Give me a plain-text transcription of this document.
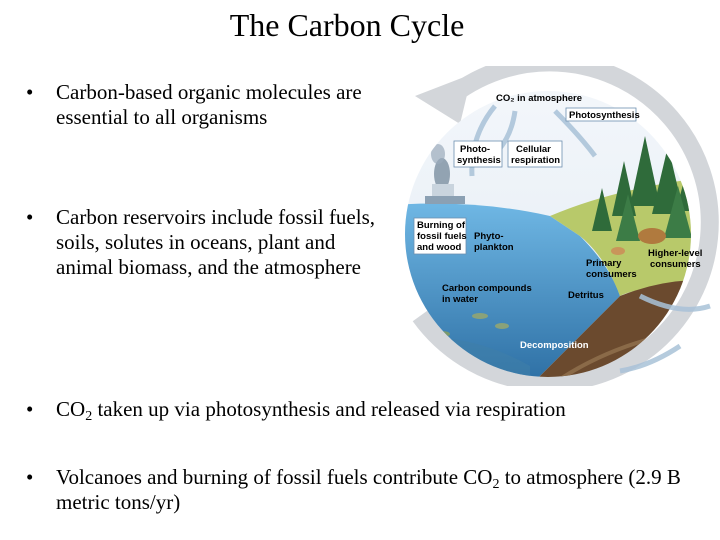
The Carbon Cycle
•	Carbon-based organic molecules are essential to all organisms
•	Carbon reservoirs include fossil fuels, soils, solutes in oceans, plant and animal biomass, and the atmosphere
•	$CO_2$ taken up via photosynthesis and released via respiration
•	Volcanoes and burning of fossil fuels contribute $CO_2$ to atmosphere (2.9 B metric tons/yr)
CO₂ in atmosphere
Photosynthesis
Photo-
synthesis
Cellular
respiration
Burning of
fossil fuels
and wood
Phyto-
plankton
Higher-level
consumers
Primary
consumers
Carbon compounds
in water	Detritus
Decomposition
